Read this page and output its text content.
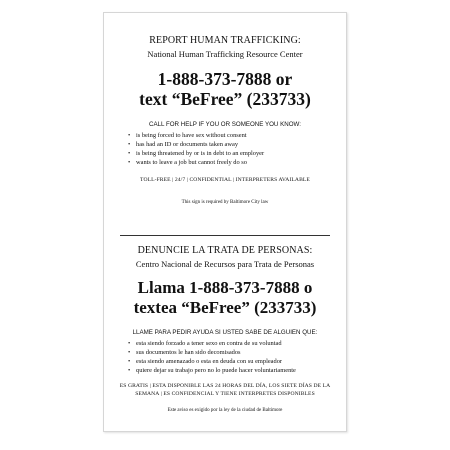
REPORT HUMAN TRAFFICKING:

National Human Trafficking Resource Center

1-888-373-7888 or

text “BeFree” (233733)

CALL FOR HELP IF YOU OR SOMEONE YOU KNOW:

• is being forced to have sex without consent
• has had an ID or documents taken away
• is being threatened by or is in debt to an employer
• wants to leave a job but cannot freely do so

TOLL-FREE | 24/7 | CONFIDENTIAL | INTERPRETERS AVAILABLE

This sign is required by Baltimore City law

DENUNCIE LA TRATA DE PERSONAS:

Centro Nacional de Recursos para Trata de Personas

Llama 1-888-373-7888 o

textea “BeFree” (233733)

LLAME PARA PEDIR AYUDA SI USTED SABE DE ALGUIEN QUE:

• esta siendo forzado a tener sexo en contra de su voluntad
• sus documentos le han sido decomisados
• esta siendo amenazado o esta en deuda con su empleador
• quiere dejar su trabajo pero no lo puede hacer voluntariamente

ES GRATIS | ESTA DISPONIBLE LAS 24 HORAS DEL DÍA, LOS SIETE DÍAS DE LA
SEMANA | ES CONFIDENCIAL Y TIENE INTERPRETES DISPONIBLES

Este aviso es exigido por la ley de la ciudad de Baltimore
